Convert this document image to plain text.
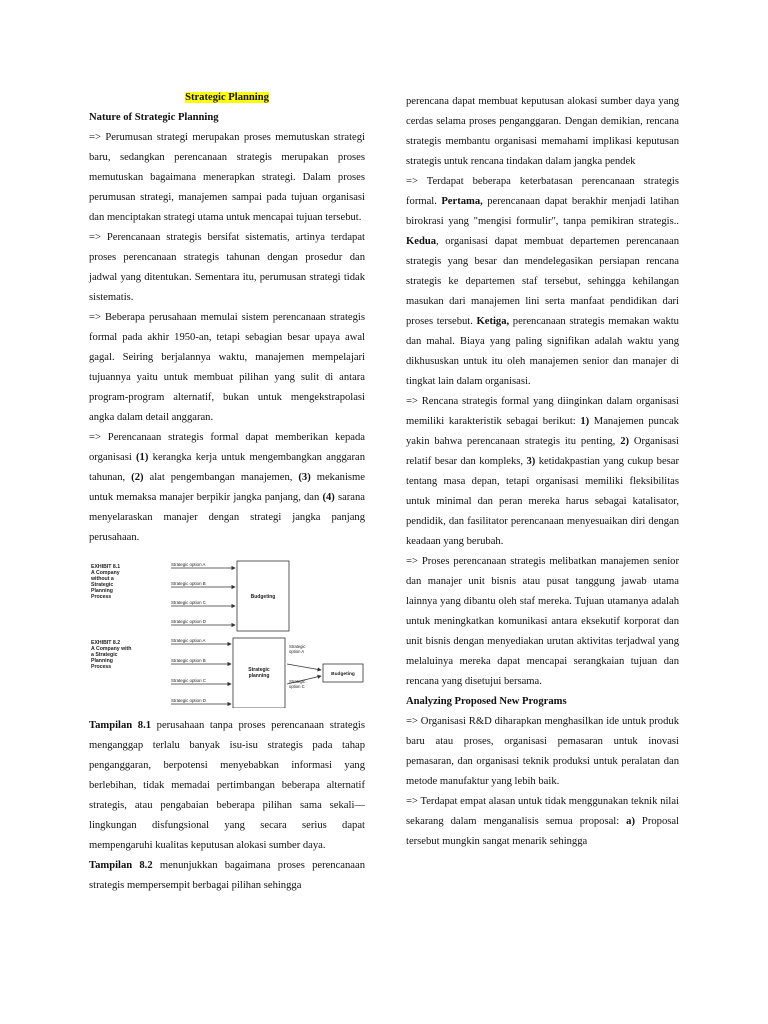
Strategic Planning

Nature of Strategic Planning

=> Perumusan strategi merupakan proses memutuskan strategi baru, sedangkan perencanaan strategis merupakan proses memutuskan bagaimana menerapkan strategi. Dalam proses perumusan strategi, manajemen sampai pada tujuan organisasi dan menciptakan strategi utama untuk mencapai tujuan tersebut.

=> Perencanaan strategis bersifat sistematis, artinya terdapat proses perencanaan strategis tahunan dengan prosedur dan jadwal yang ditentukan. Sementara itu, perumusan strategi tidak sistematis.

=> Beberapa perusahaan memulai sistem perencanaan strategis formal pada akhir 1950-an, tetapi sebagian besar upaya awal gagal. Seiring berjalannya waktu, manajemen mempelajari tujuannya yaitu untuk membuat pilihan yang sulit di antara program-program alternatif, bukan untuk mengekstrapolasi angka dalam detail anggaran.

=> Perencanaan strategis formal dapat memberikan kepada organisasi (1) kerangka kerja untuk mengembangkan anggaran tahunan, (2) alat pengembangan manajemen, (3) mekanisme untuk memaksa manajer berpikir jangka panjang, dan (4) sarana menyelaraskan manajer dengan strategi jangka panjang perusahaan.

EXHIBIT 8.1
A Company
without a
Strategic
Planning
Process
Strategic option A
Strategic option B
Strategic option C
Strategic option D
Budgeting
EXHIBIT 8.2
A Company with
a Strategic
Planning
Process
Strategic option A
Strategic option B
Strategic option C
Strategic option D
Strategic
planning
Strategic
option A
Strategic
option C
Budgeting

Tampilan 8.1 perusahaan tanpa proses perencanaan strategis menganggap terlalu banyak isu-isu strategis pada tahap penganggaran, berpotensi menyebabkan informasi yang berlebihan, tidak memadai pertimbangan beberapa alternatif strategis, atau pengabaian beberapa pilihan sama sekali—lingkungan disfungsional yang secara serius dapat mempengaruhi kualitas keputusan alokasi sumber daya.

Tampilan 8.2 menunjukkan bagaimana proses perencanaan strategis mempersempit berbagai pilihan sehingga

perencana dapat membuat keputusan alokasi sumber daya yang cerdas selama proses penganggaran. Dengan demikian, rencana strategis membantu organisasi memahami implikasi keputusan strategis untuk rencana tindakan dalam jangka pendek

=> Terdapat beberapa keterbatasan perencanaan strategis formal. Pertama, perencanaan dapat berakhir menjadi latihan birokrasi yang "mengisi formulir", tanpa pemikiran strategis.. Kedua, organisasi dapat membuat departemen perencanaan strategis yang besar dan mendelegasikan persiapan rencana strategis ke departemen staf tersebut, sehingga kehilangan masukan dari manajemen lini serta manfaat pendidikan dari proses tersebut. Ketiga, perencanaan strategis memakan waktu dan mahal. Biaya yang paling signifikan adalah waktu yang dikhususkan untuk itu oleh manajemen senior dan manajer di tingkat lain dalam organisasi.

=> Rencana strategis formal yang diinginkan dalam organisasi memiliki karakteristik sebagai berikut: 1) Manajemen puncak yakin bahwa perencanaan strategis itu penting, 2) Organisasi relatif besar dan kompleks, 3) ketidakpastian yang cukup besar tentang masa depan, tetapi organisasi memiliki fleksibilitas untuk minimal dan peran mereka harus sebagai katalisator, pendidik, dan fasilitator perencanaan menyesuaikan diri dengan keadaan yang berubah.

=> Proses perencanaan strategis melibatkan manajemen senior dan manajer unit bisnis atau pusat tanggung jawab utama lainnya yang dibantu oleh staf mereka. Tujuan utamanya adalah untuk meningkatkan komunikasi antara eksekutif korporat dan unit bisnis dengan menyediakan urutan aktivitas terjadwal yang melaluinya mereka dapat mencapai serangkaian tujuan dan rencana yang disetujui bersama.

Analyzing Proposed New Programs

=> Organisasi R&D diharapkan menghasilkan ide untuk produk baru atau proses, organisasi pemasaran untuk inovasi pemasaran, dan organisasi teknik produksi untuk peralatan dan metode manufaktur yang lebih baik.

=> Terdapat empat alasan untuk tidak menggunakan teknik nilai sekarang dalam menganalisis semua proposal: a) Proposal tersebut mungkin sangat menarik sehingga
